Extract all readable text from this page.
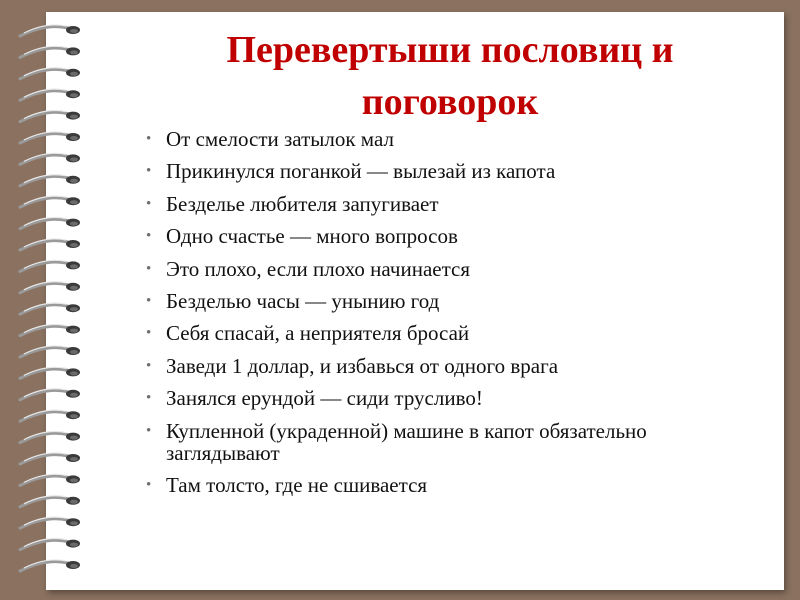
Перевертыши пословиц и поговорок
• От смелости затылок мал
• Прикинулся поганкой — вылезай из капота
• Безделье любителя запугивает
• Одно счастье — много вопросов
• Это плохо, если плохо начинается
• Безделью часы — унынию год
• Себя спасай, а неприятеля бросай
• Заведи 1 доллар, и избавься от одного врага
• Занялся ерундой — сиди трусливо!
• Купленной (украденной) машине в капот обязательно заглядывают
• Там толсто, где не сшивается
